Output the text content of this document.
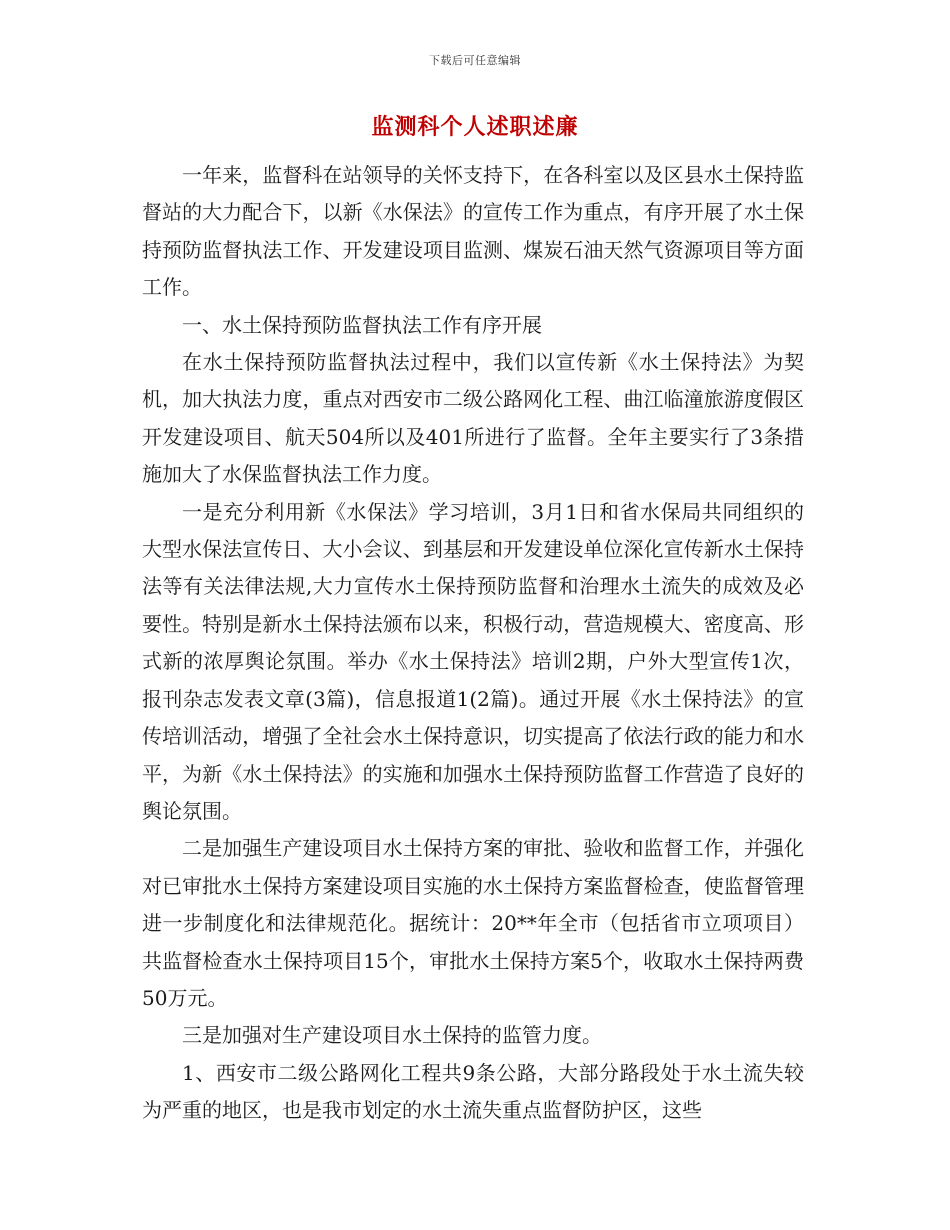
下载后可任意编辑
监测科个人述职述廉

一年来，监督科在站领导的关怀支持下，在各科室以及区县水土保持监督站的大力配合下，以新《水保法》的宣传工作为重点，有序开展了水土保持预防监督执法工作、开发建设项目监测、煤炭石油天然气资源项目等方面工作。

一、水土保持预防监督执法工作有序开展

在水土保持预防监督执法过程中，我们以宣传新《水土保持法》为契机，加大执法力度，重点对西安市二级公路网化工程、曲江临潼旅游度假区开发建设项目、航天504所以及401所进行了监督。全年主要实行了3条措施加大了水保监督执法工作力度。

一是充分利用新《水保法》学习培训，3月1日和省水保局共同组织的大型水保法宣传日、大小会议、到基层和开发建设单位深化宣传新水土保持法等有关法律法规,大力宣传水土保持预防监督和治理水土流失的成效及必要性。特别是新水土保持法颁布以来，积极行动，营造规模大、密度高、形式新的浓厚舆论氛围。举办《水土保持法》培训2期，户外大型宣传1次，报刊杂志发表文章(3篇)，信息报道1(2篇)。通过开展《水土保持法》的宣传培训活动，增强了全社会水土保持意识，切实提高了依法行政的能力和水平，为新《水土保持法》的实施和加强水土保持预防监督工作营造了良好的舆论氛围。

二是加强生产建设项目水土保持方案的审批、验收和监督工作，并强化对已审批水土保持方案建设项目实施的水土保持方案监督检查，使监督管理进一步制度化和法律规范化。据统计：20**年全市（包括省市立项项目）共监督检查水土保持项目15个，审批水土保持方案5个，收取水土保持两费50万元。

三是加强对生产建设项目水土保持的监管力度。

1、西安市二级公路网化工程共9条公路，大部分路段处于水土流失较为严重的地区，也是我市划定的水土流失重点监督防护区，这些
